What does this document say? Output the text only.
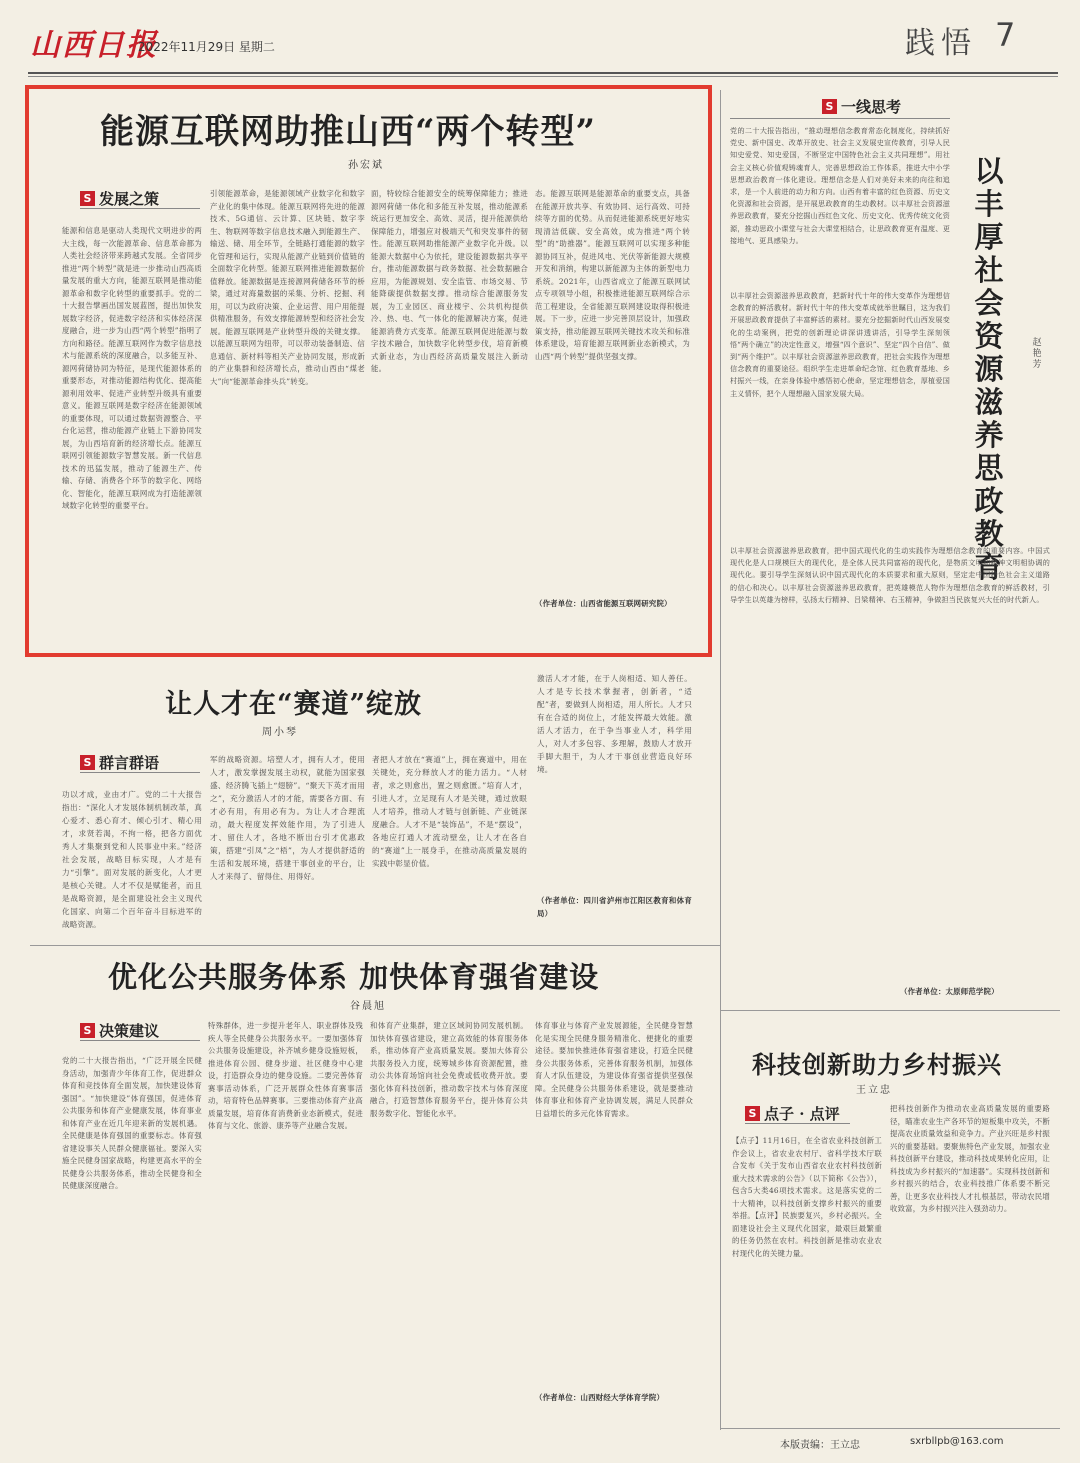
山西日报
2022年11月29日 星期二	践悟 7
能源互联网助推山西“两个转型”
孙宏斌
S 发展之策
能源和信息是驱动人类现代文明进步的两大主线，每一次能源革命、信息革命都为人类社会经济带来跨越式发展。全省同步推进“两个转型”就是进一步推动山西高质量发展的重大方向，能源互联网是推动能源革命和数字化转型的重要抓手。党的二十大报告擘画出国发展蓝图，提出加快发展数字经济，促进数字经济和实体经济深度融合，进一步为山西“两个转型”指明了方向和路径。能源互联网作为数字信息技术与能源系统的深度融合，以多能互补、源网荷储协同为特征，是现代能源体系的重要形态，对推动能源结构优化、提高能源利用效率、促进产业转型升级具有重要意义。能源互联网是数字经济在能源领域的重要体现，可以通过数据资源整合、平台化运营，推动能源产业链上下游协同发展，为山西培育新的经济增长点。能源互联网引领能源数字智慧发展。新一代信息技术的迅猛发展，推动了能源生产、传输、存储、消费各个环节的数字化、网络化、智能化，能源互联网成为打造能源领域数字化转型的重要平台。
引领能源革命，是能源领域产业数字化和数字产业化的集中体现。能源互联网将先进的能源技术、5G通信、云计算、区块链、数字孪生、物联网等数字信息技术融入到能源生产、输送、储、用全环节，全链路打通能源的数字化管理和运行，实现从能源产业链到价值链的全面数字化转型。能源互联网推进能源数据价值释放。能源数据是连接源网荷储各环节的桥梁，通过对海量数据的采集、分析、挖掘、利用，可以为政府决策、企业运营、用户用能提供精准服务，有效支撑能源转型和经济社会发展。能源互联网是产业转型升级的关键支撑。以能源互联网为纽带，可以带动装备制造、信息通信、新材料等相关产业协同发展，形成新的产业集群和经济增长点，推动山西由“煤老大”向“能源革命排头兵”转变。
面，特较综合能源安全的统筹保障能力；推进源网荷储一体化和多能互补发展，推动能源系统运行更加安全、高效、灵活，提升能源供给保障能力，增强应对极端天气和突发事件的韧性。能源互联网助推能源产业数字化升级。以能源大数据中心为依托，建设能源数据共享平台，推动能源数据与政务数据、社会数据融合应用，为能源规划、安全监管、市场交易、节能降碳提供数据支撑。推动综合能源服务发展，为工业园区、商业楼宇、公共机构提供冷、热、电、气一体化的能源解决方案，促进能源消费方式变革。能源互联网促进能源与数字技术融合，加快数字化转型步伐，培育新模式新业态，为山西经济高质量发展注入新动能。
态。能源互联网是能源革命的重要支点，具备在能源开放共享、有效协同、运行高效、可持续等方面的优势。从而促进能源系统更好地实现清洁低碳、安全高效，成为推进“两个转型”的“助推器”。能源互联网可以实现多种能源协同互补，促进风电、光伏等新能源大规模开发和消纳，构建以新能源为主体的新型电力系统。2021年，山西省成立了能源互联网试点专项领导小组，积极推进能源互联网综合示范工程建设，全省能源互联网建设取得积极进展。下一步，应进一步完善顶层设计，加强政策支持，推动能源互联网关键技术攻关和标准体系建设，培育能源互联网新业态新模式，为山西“两个转型”提供坚强支撑。
（作者单位：山西省能源互联网研究院）
S 一线思考
以丰厚社会资源滋养思政教育
赵艳芳
党的二十大报告指出，“推动理想信念教育常态化制度化，持续抓好党史、新中国史、改革开放史、社会主义发展史宣传教育，引导人民知史爱党、知史爱国，不断坚定中国特色社会主义共同理想”。用社会主义核心价值观铸魂育人，完善思想政治工作体系，推进大中小学思想政治教育一体化建设。理想信念是人们对美好未来的向往和追求，是一个人前进的动力和方向。山西有着丰富的红色资源、历史文化资源和社会资源，是开展思政教育的生动教材。以丰厚社会资源滋养思政教育，要充分挖掘山西红色文化、历史文化、优秀传统文化资源，推动思政小课堂与社会大课堂相结合，让思政教育更有温度、更接地气、更具感染力。
以丰厚社会资源滋养思政教育，把新时代十年的伟大变革作为理想信念教育的鲜活教材。新时代十年的伟大变革成就举世瞩目，这为我们开展思政教育提供了丰富鲜活的素材。要充分挖掘新时代山西发展变化的生动案例，把党的创新理论讲深讲透讲活，引导学生深刻领悟“两个确立”的决定性意义，增强“四个意识”、坚定“四个自信”、做到“两个维护”。以丰厚社会资源滋养思政教育，把社会实践作为理想信念教育的重要途径。组织学生走进革命纪念馆、红色教育基地、乡村振兴一线，在亲身体验中感悟初心使命，坚定理想信念，厚植爱国主义情怀，把个人理想融入国家发展大局。
以丰厚社会资源滋养思政教育，把中国式现代化的生动实践作为理想信念教育的重要内容。中国式现代化是人口规模巨大的现代化，是全体人民共同富裕的现代化，是物质文明和精神文明相协调的现代化。要引导学生深刻认识中国式现代化的本质要求和重大原则，坚定走中国特色社会主义道路的信心和决心。以丰厚社会资源滋养思政教育，把英雄模范人物作为理想信念教育的鲜活教材，引导学生以英雄为榜样，弘扬太行精神、吕梁精神、右玉精神，争做担当民族复兴大任的时代新人。
（作者单位：太原师范学院）
让人才在“赛道”绽放
周小琴
S 群言群语
功以才成，业由才广。党的二十大报告指出：“深化人才发展体制机制改革，真心爱才、悉心育才、倾心引才、精心用才，求贤若渴，不拘一格，把各方面优秀人才集聚到党和人民事业中来。”经济社会发展，战略目标实现，人才是有力“引擎”。面对发展的新变化，人才更是核心关键。人才不仅是赋能者，而且是战略资源，是全面建设社会主义现代化国家、向第二个百年奋斗目标进军的战略资源。
军的战略资源。培塑人才，拥有人才，使用人才，激发掌握发展主动权，就能为国家强盛、经济腾飞插上“翅膀”。“聚天下英才而用之”，充分激活人才的才能，需要各方面、有才必有用，有用必有为。为让人才合理流动，最大程度发挥效能作用，为了引进人才、留住人才，各地不断出台引才优惠政策，搭建“引凤”之“梧”，为人才提供舒适的生活和发展环境，搭建干事创业的平台，让人才来得了、留得住、用得好。
者把人才放在“赛道”上，拥在赛道中，用在关键处，充分释放人才的能力活力。“人材者，求之则愈出，置之则愈匮。”培育人才，引进人才，立足现有人才是关键，通过放眼人才培养，推动人才链与创新链、产业链深度融合。人才不是“装饰品”，不是“摆设”，各地应打通人才流动壁垒，让人才在各自的“赛道”上一展身手，在推动高质量发展的实践中彰显价值。
激活人才才能，在于人岗相适、知人善任。人才是专长技术掌握者，创新者，“适配”者，要做到人岗相适，用人所长。人才只有在合适的岗位上，才能发挥最大效能。激活人才活力，在于争当事业人才，科学用人，对人才多包容、多理解，鼓励人才放开手脚大胆干，为人才干事创业营造良好环境。
（作者单位：四川省泸州市江阳区教育和体育局）
优化公共服务体系 加快体育强省建设
谷晨旭
S 决策建议
党的二十大报告指出，“广泛开展全民健身活动，加强青少年体育工作，促进群众体育和竞技体育全面发展，加快建设体育强国”。“加快建设”体育强国，促进体育公共服务和体育产业健康发展，体育事业和体育产业在近几年迎来新的发展机遇。全民健康是体育强国的重要标志。体育强省建设事关人民群众健康福祉。要深入实施全民健身国家战略，构建更高水平的全民健身公共服务体系，推动全民健身和全民健康深度融合。
特殊群体，进一步提升老年人、职业群体及残疾人等全民健身公共服务水平。一要加强体育公共服务设施建设，补齐城乡健身设施短板，推进体育公园、健身步道、社区健身中心建设，打造群众身边的健身设施。二要完善体育赛事活动体系，广泛开展群众性体育赛事活动，培育特色品牌赛事。三要推动体育产业高质量发展，培育体育消费新业态新模式，促进体育与文化、旅游、康养等产业融合发展。
和体育产业集群，建立区域间协同发展机制。加快体育强省建设，建立高效能的体育服务体系，推动体育产业高质量发展。要加大体育公共服务投入力度，统筹城乡体育资源配置，推动公共体育场馆向社会免费或低收费开放。要强化体育科技创新，推动数字技术与体育深度融合，打造智慧体育服务平台，提升体育公共服务数字化、智能化水平。
体育事业与体育产业发展源能，全民健身智慧化是实现全民健身服务精准化、便捷化的重要途径。要加快推进体育强省建设，打造全民健身公共服务体系，完善体育服务机制，加强体育人才队伍建设，为建设体育强省提供坚强保障。全民健身公共服务体系建设，就是要推动体育事业和体育产业协调发展，满足人民群众日益增长的多元化体育需求。
（作者单位：山西财经大学体育学院）
科技创新助力乡村振兴
王立忠
S 点子 · 点评
【点子】11月16日，在全省农业科技创新工作会议上，省农业农村厅、省科学技术厅联合发布《关于发布山西省农业农村科技创新重大技术需求的公告》（以下简称《公告》），包含5大类46项技术需求。这是落实党的二十大精神，以科技创新支撑乡村振兴的重要举措。【点评】民族要复兴，乡村必振兴。全面建设社会主义现代化国家，最艰巨最繁重的任务仍然在农村。科技创新是推动农业农村现代化的关键力量。
把科技创新作为推动农业高质量发展的重要路径，瞄准农业生产各环节的短板集中攻关，不断提高农业质量效益和竞争力。产业兴旺是乡村振兴的重要基础。要聚焦特色产业发展，加强农业科技创新平台建设，推动科技成果转化应用，让科技成为乡村振兴的“加速器”。实现科技创新和乡村振兴的结合，农业科技推广体系要不断完善，让更多农业科技人才扎根基层，带动农民增收致富，为乡村振兴注入强劲动力。
本版责编：王立忠	sxrbllpb@163.com
